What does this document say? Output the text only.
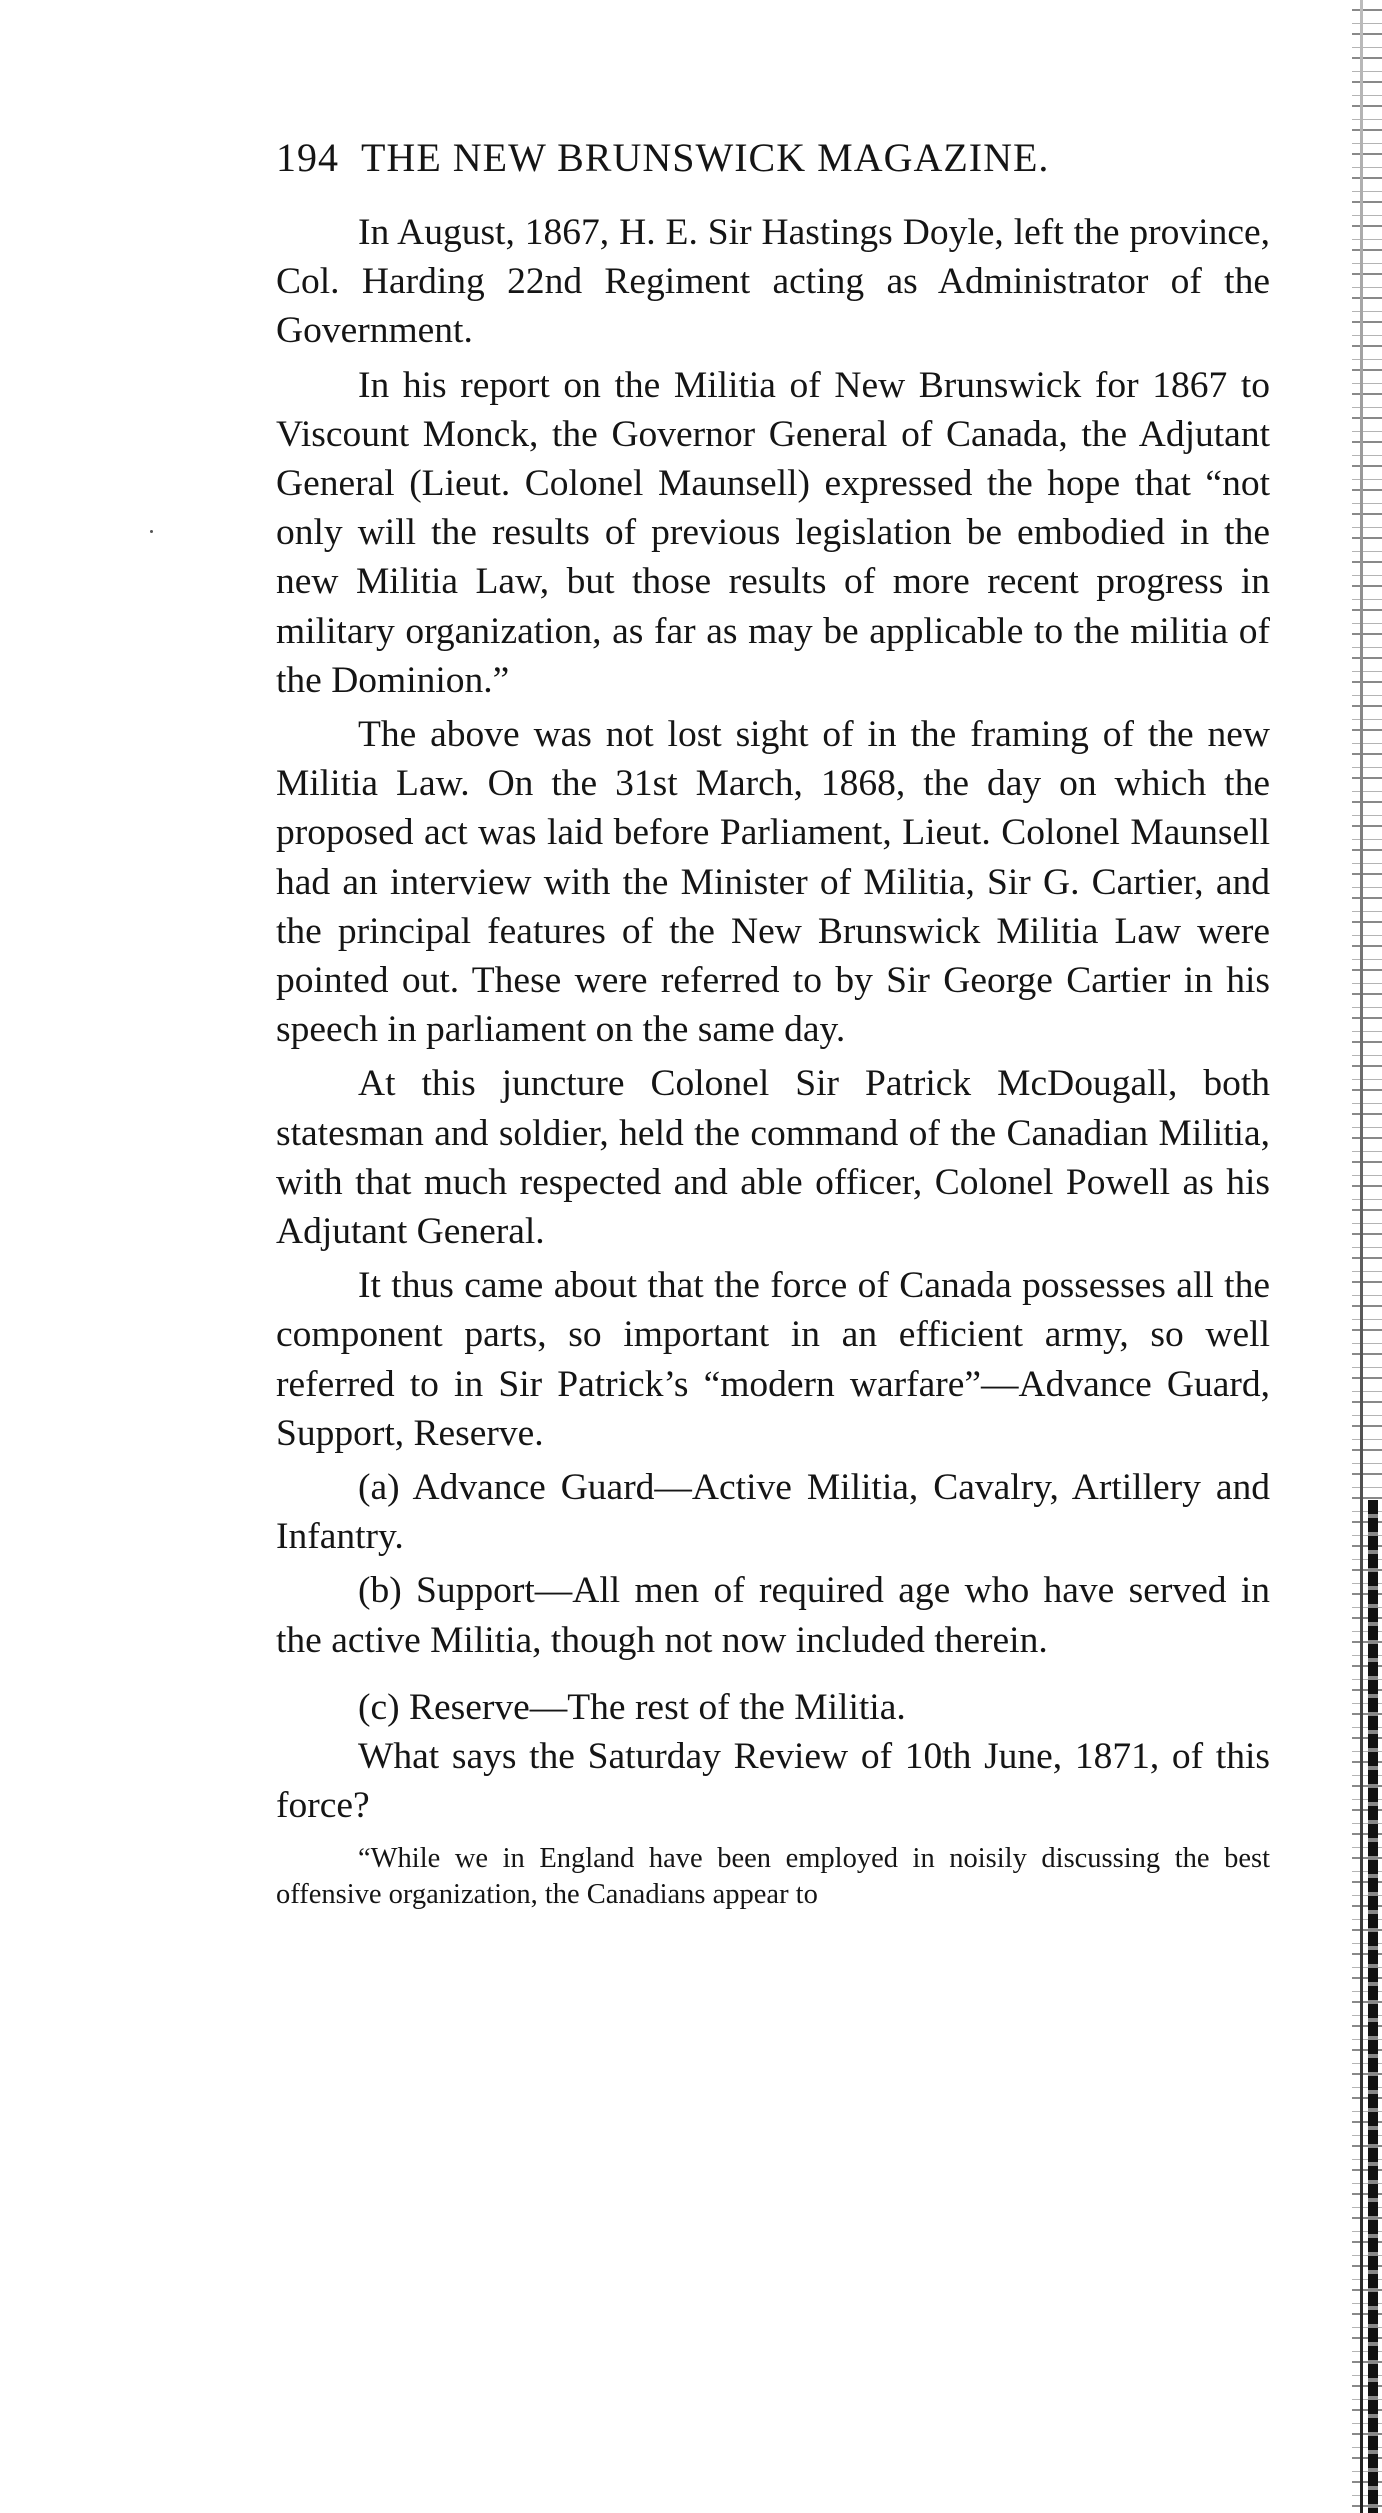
194 THE NEW BRUNSWICK MAGAZINE.

In August, 1867, H. E. Sir Hastings Doyle, left the province, Col. Harding 22nd Regiment acting as Administrator of the Government.

In his report on the Militia of New Brunswick for 1867 to Viscount Monck, the Governor General of Canada, the Adjutant General (Lieut. Colonel Maunsell) expressed the hope that “not only will the results of previous legislation be embodied in the new Militia Law, but those results of more recent progress in military organization, as far as may be applicable to the militia of the Dominion.”

The above was not lost sight of in the framing of the new Militia Law. On the 31st March, 1868, the day on which the proposed act was laid before Parliament, Lieut. Colonel Maunsell had an interview with the Minister of Militia, Sir G. Cartier, and the principal features of the New Brunswick Militia Law were pointed out. These were referred to by Sir George Cartier in his speech in parliament on the same day.

At this juncture Colonel Sir Patrick McDougall, both statesman and soldier, held the command of the Canadian Militia, with that much respected and able officer, Colonel Powell as his Adjutant General.

It thus came about that the force of Canada possesses all the component parts, so important in an efficient army, so well referred to in Sir Patrick’s “modern warfare”—Advance Guard, Support, Reserve.

(a) Advance Guard—Active Militia, Cavalry, Artillery and Infantry.

(b) Support—All men of required age who have served in the active Militia, though not now included therein.

(c) Reserve—The rest of the Militia.

What says the Saturday Review of 10th June, 1871, of this force?

“While we in England have been employed in noisily discussing the best offensive organization, the Canadians appear to
